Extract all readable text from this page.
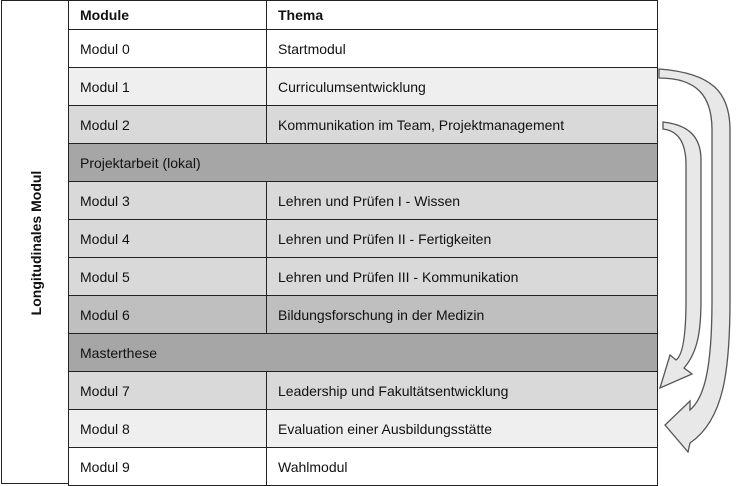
Longitudinales Modul
Module	Thema
Modul 0	Startmodul
Modul 1	Curriculumsentwicklung
Modul 2	Kommunikation im Team, Projektmanagement
Projektarbeit (lokal)	
Modul 3	Lehren und Prüfen I - Wissen
Modul 4	Lehren und Prüfen II - Fertigkeiten
Modul 5	Lehren und Prüfen III - Kommunikation
Modul 6	Bildungsforschung in der Medizin
Masterthese	
Modul 7	Leadership und Fakultätsentwicklung
Modul 8	Evaluation einer Ausbildungsstätte
Modul 9	Wahlmodul
